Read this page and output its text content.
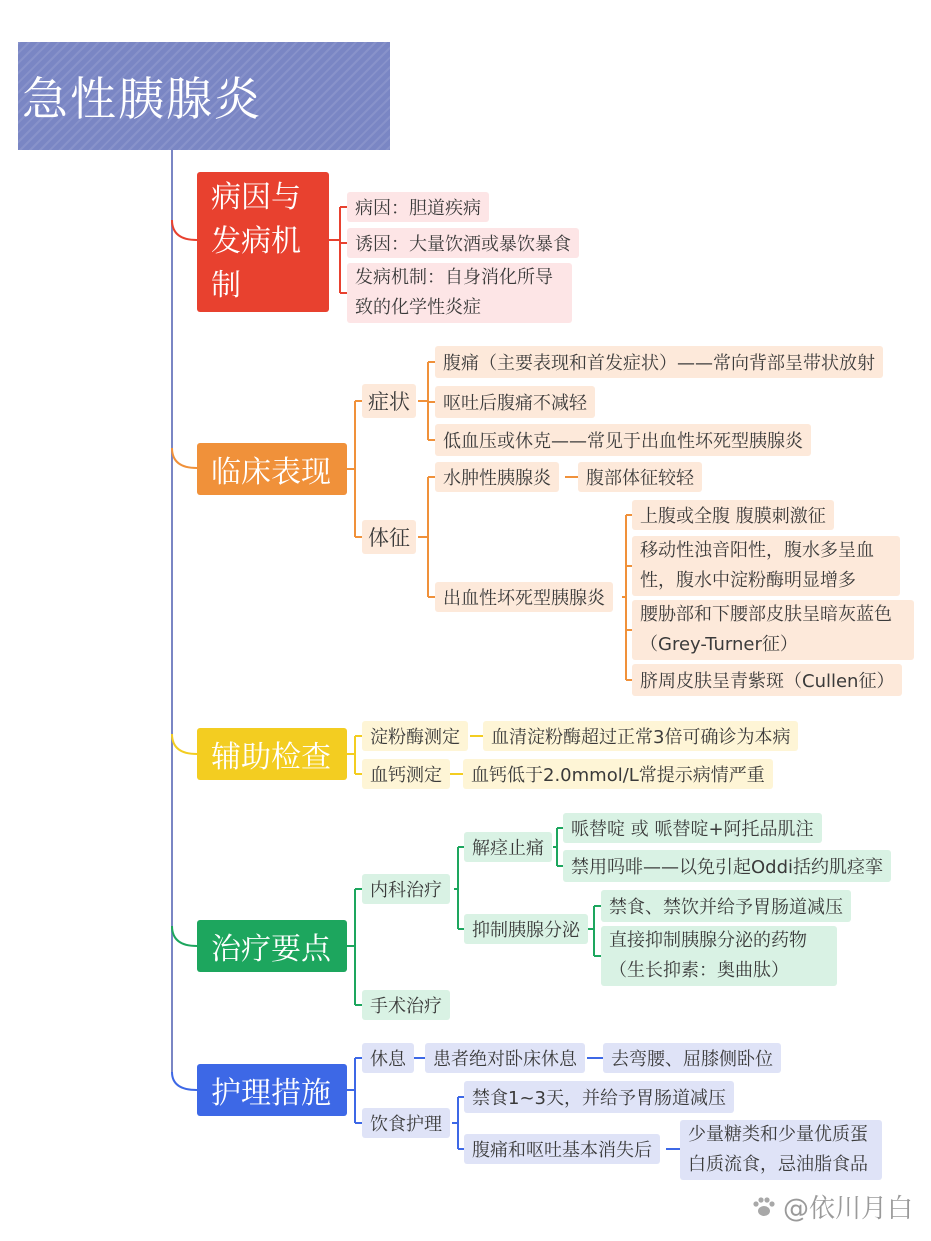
急性胰腺炎
病因与发病机制
病因：胆道疾病
诱因：大量饮酒或暴饮暴食
发病机制：自身消化所导致的化学性炎症
临床表现
症状
腹痛（主要表现和首发症状）——常向背部呈带状放射
呕吐后腹痛不减轻
低血压或休克——常见于出血性坏死型胰腺炎
体征
水肿性胰腺炎	腹部体征较轻
出血性坏死型胰腺炎
上腹或全腹 腹膜刺激征
移动性浊音阳性，腹水多呈血性，腹水中淀粉酶明显增多
腰胁部和下腰部皮肤呈暗灰蓝色（Grey-Turner征）
脐周皮肤呈青紫斑（Cullen征）
辅助检查
淀粉酶测定	血清淀粉酶超过正常3倍可确诊为本病
血钙测定	血钙低于2.0mmol/L常提示病情严重
治疗要点
内科治疗
解痉止痛
哌替啶 或 哌替啶+阿托品肌注
禁用吗啡——以免引起Oddi括约肌痉挛
抑制胰腺分泌
禁食、禁饮并给予胃肠道减压
直接抑制胰腺分泌的药物（生长抑素：奥曲肽）
手术治疗
护理措施
休息	患者绝对卧床休息	去弯腰、屈膝侧卧位
饮食护理
禁食1~3天，并给予胃肠道减压
腹痛和呕吐基本消失后
少量糖类和少量优质蛋白质流食，忌油脂食品
@依川月白
